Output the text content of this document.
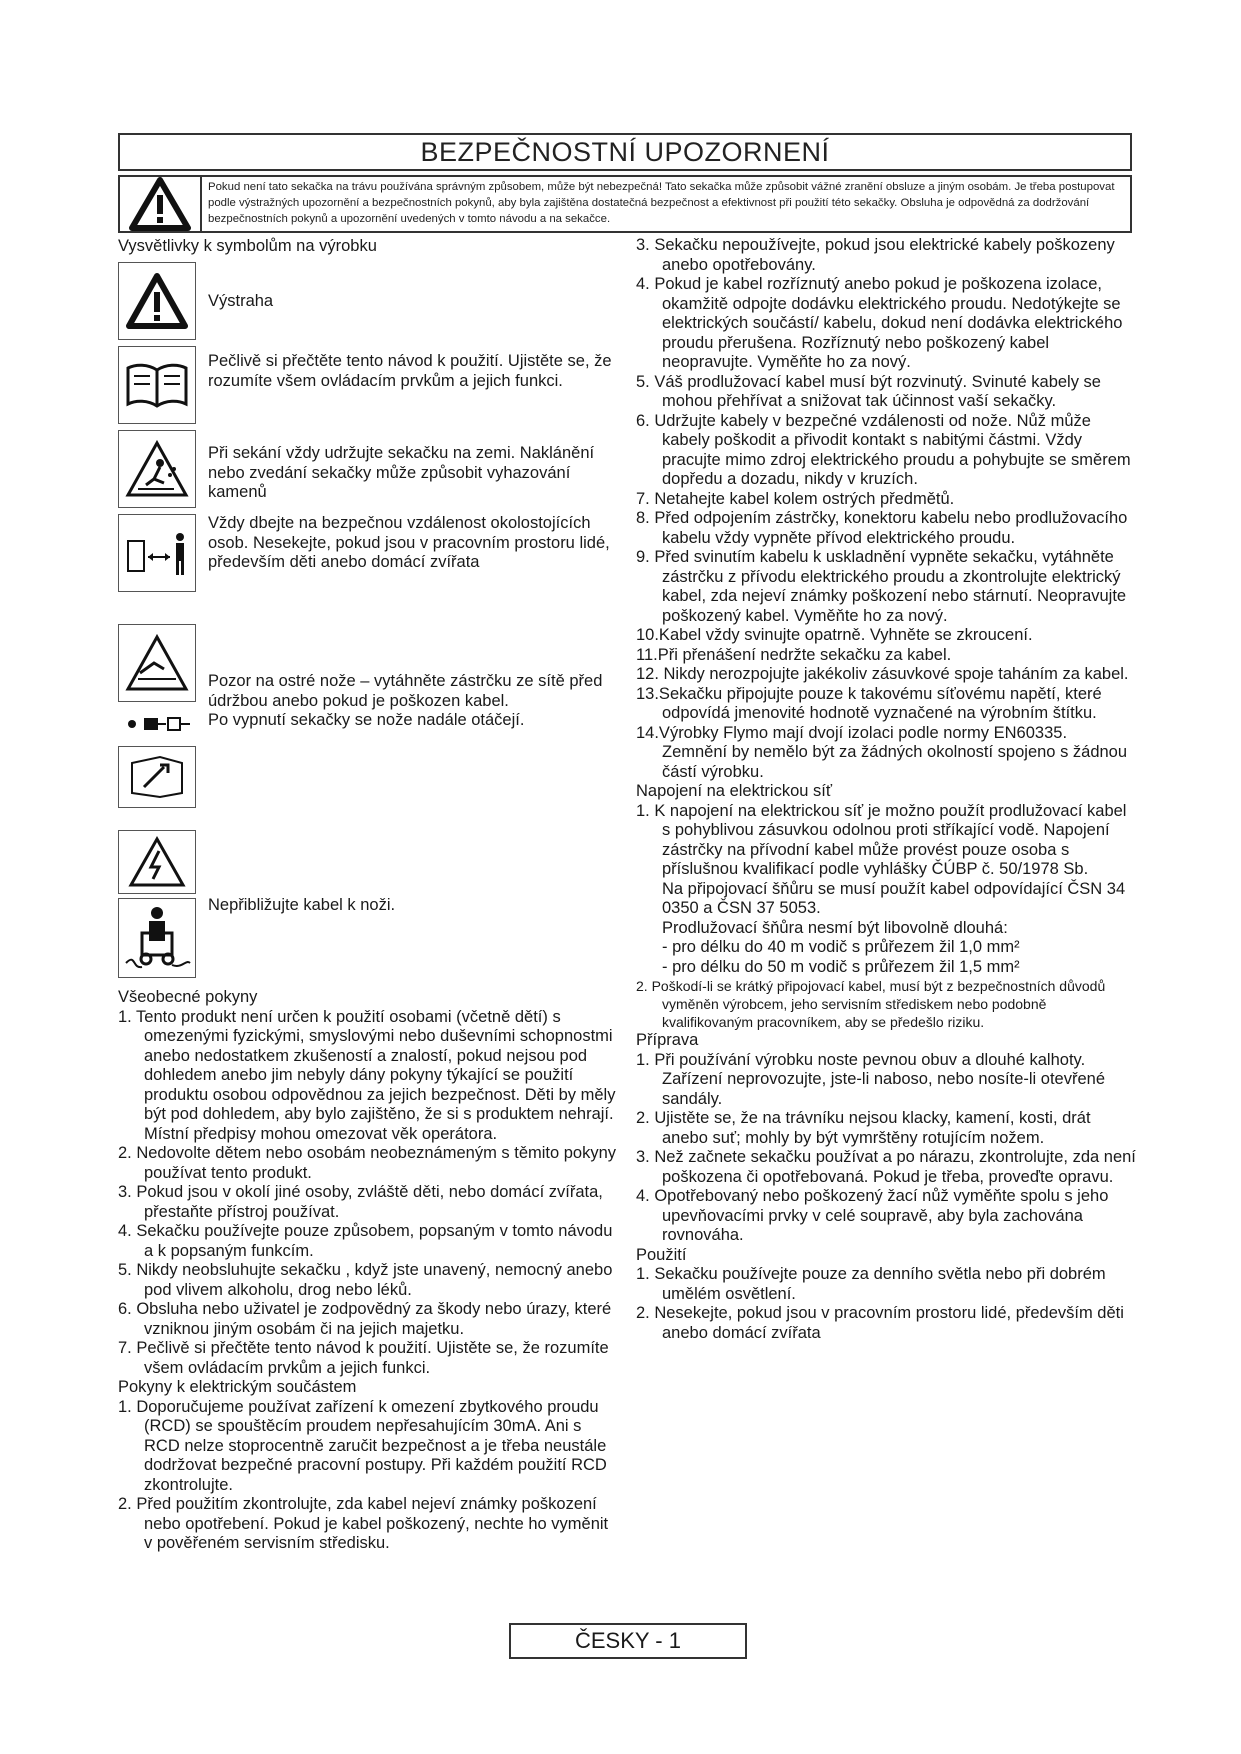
BEZPEČNOSTNÍ UPOZORNENÍ
Pokud není tato sekačka na trávu používána správným způsobem, může být nebezpečná! Tato sekačka může způsobit vážné zranění obsluze a jiným osobám. Je třeba postupovat podle výstražných upozornění a bezpečnostních pokynů, aby byla zajištěna dostatečná bezpečnost a efektivnost při použití této sekačky. Obsluha je odpovědná za dodržování bezpečnostních pokynů a upozornění uvedených v tomto návodu a na sekačce.

Vysvětlivky k symbolům na výrobku

Výstraha
Pečlivě si přečtěte tento návod k použití. Ujistěte se, že rozumíte všem ovládacím prvkům a jejich funkci.
Při sekání vždy udržujte sekačku na zemi. Naklánění nebo zvedání sekačky může způsobit vyhazování kamenů
Vždy dbejte na bezpečnou vzdálenost okolostojících osob. Nesekejte, pokud jsou v pracovním prostoru lidé, především děti anebo domácí zvířata
Pozor na ostré nože – vytáhněte zástrčku ze sítě před údržbou anebo pokud je poškozen kabel.
Po vypnutí sekačky se nože nadále otáčejí.
Nepřibližujte kabel k noži.

Všeobecné pokyny

1. Tento produkt není určen k použití osobami (včetně dětí) s omezenými fyzickými, smyslovými nebo duševními schopnostmi anebo nedostatkem zkušeností a znalostí, pokud nejsou pod dohledem anebo jim nebyly dány pokyny týkající se použití produktu osobou odpovědnou za jejich bezpečnost. Děti by měly být pod dohledem, aby bylo zajištěno, že si s produktem nehrají. Místní předpisy mohou omezovat věk operátora.

2. Nedovolte dětem nebo osobám neobeznámeným s těmito pokyny používat tento produkt.

3. Pokud jsou v okolí jiné osoby, zvláště děti, nebo domácí zvířata, přestaňte přístroj používat.

4. Sekačku používejte pouze způsobem, popsaným v tomto návodu a k popsaným funkcím.

5. Nikdy neobsluhujte sekačku , když jste unavený, nemocný anebo pod vlivem alkoholu, drog nebo léků.

6. Obsluha nebo uživatel je zodpovědný za škody nebo úrazy, které vzniknou jiným osobám či na jejich majetku.

7. Pečlivě si přečtěte tento návod k použití. Ujistěte se, že rozumíte všem ovládacím prvkům a jejich funkci.

Pokyny k elektrickým součástem

1. Doporučujeme používat zařízení k omezení zbytkového proudu (RCD) se spouštěcím proudem nepřesahujícím 30mA. Ani s RCD nelze stoprocentně zaručit bezpečnost a je třeba neustále dodržovat bezpečné pracovní postupy. Při každém použití RCD zkontrolujte.

2. Před použitím zkontrolujte, zda kabel nejeví známky poškození nebo opotřebení. Pokud je kabel poškozený, nechte ho vyměnit v pověřeném servisním středisku.

3. Sekačku nepoužívejte, pokud jsou elektrické kabely poškozeny anebo opotřebovány.

4. Pokud je kabel rozříznutý anebo pokud je poškozena izolace, okamžitě odpojte dodávku elektrického proudu. Nedotýkejte se elektrických součástí/ kabelu, dokud není dodávka elektrického proudu přerušena. Rozříznutý nebo poškozený kabel neopravujte. Vyměňte ho za nový.

5. Váš prodlužovací kabel musí být rozvinutý. Svinuté kabely se mohou přehřívat a snižovat tak účinnost vaší sekačky.

6. Udržujte kabely v bezpečné vzdálenosti od nože. Nůž může kabely poškodit a přivodit kontakt s nabitými částmi. Vždy pracujte mimo zdroj elektrického proudu a pohybujte se směrem dopředu a dozadu, nikdy v kruzích.

7. Netahejte kabel kolem ostrých předmětů.

8. Před odpojením zástrčky, konektoru kabelu nebo prodlužovacího kabelu vždy vypněte přívod elektrického proudu.

9. Před svinutím kabelu k uskladnění vypněte sekačku, vytáhněte zástrčku z přívodu elektrického proudu a zkontrolujte elektrický kabel, zda nejeví známky poškození nebo stárnutí. Neopravujte poškozený kabel. Vyměňte ho za nový.

10.Kabel vždy svinujte opatrně. Vyhněte se zkroucení.

11.Při přenášení nedržte sekačku za kabel.

12. Nikdy nerozpojujte jakékoliv zásuvkové spoje taháním za kabel.

13.Sekačku připojujte pouze k takovému síťovému napětí, které odpovídá jmenovité hodnotě vyznačené na výrobním štítku.

14.Výrobky Flymo mají dvojí izolaci podle normy EN60335. Zemnění by nemělo být za žádných okolností spojeno s žádnou částí výrobku.

Napojení na elektrickou síť

1. K napojení na elektrickou síť je možno použít prodlužovací kabel s pohyblivou zásuvkou odolnou proti stříkající vodě. Napojení zástrčky na přívodní kabel může provést pouze osoba s příslušnou kvalifikací podle vyhlášky ČÚBP č. 50/1978 Sb.

Na připojovací šňůru se musí použít kabel odpovídající ČSN 34 0350 a ČSN 37 5053.

Prodlužovací šňůra nesmí být libovolně dlouhá:

- pro délku do 40 m vodič s průřezem žil 1,0 mm²

- pro délku do 50 m vodič s průřezem žil 1,5 mm²

2. Poškodí-li se krátký připojovací kabel, musí být z bezpečnostních důvodů vyměněn výrobcem, jeho servisním střediskem nebo podobně kvalifikovaným pracovníkem, aby se předešlo riziku.

Příprava

1. Při používání výrobku noste pevnou obuv a dlouhé kalhoty. Zařízení neprovozujte, jste-li naboso, nebo nosíte-li otevřené sandály.

2. Ujistěte se, že na trávníku nejsou klacky, kamení, kosti, drát anebo suť; mohly by být vymrštěny rotujícím nožem.

3. Než začnete sekačku používat a po nárazu, zkontrolujte, zda není poškozena či opotřebovaná. Pokud je třeba, proveďte opravu.

4. Opotřebovaný nebo poškozený žací nůž vyměňte spolu s jeho upevňovacími prvky v celé soupravě, aby byla zachována rovnováha.

Použití

1. Sekačku používejte pouze za denního světla nebo při dobrém umělém osvětlení.

2. Nesekejte, pokud jsou v pracovním prostoru lidé, především děti anebo domácí zvířata

ČESKY - 1
